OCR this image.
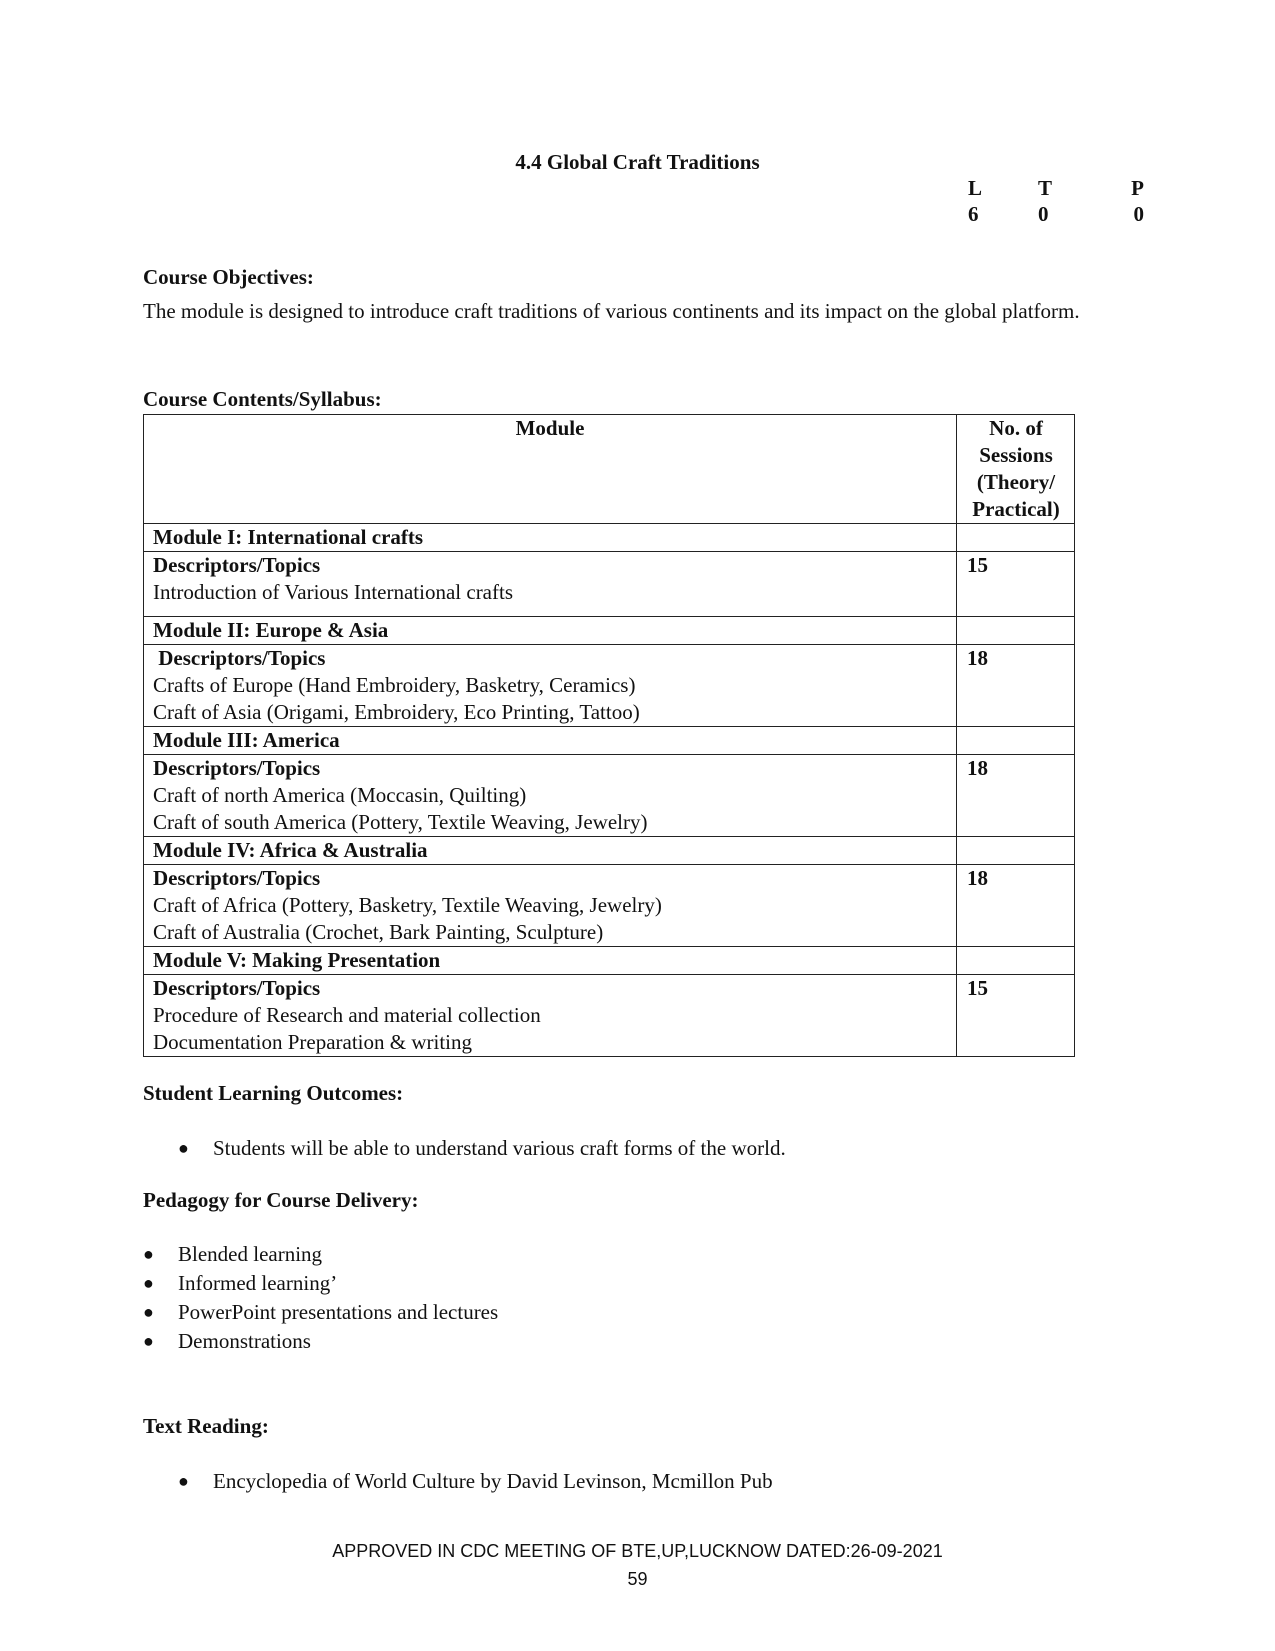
4.4 Global Craft Traditions
L	T	P
6	0	0
Course Objectives:
The module is designed to introduce craft traditions of various continents and its impact on the global platform.
Course Contents/Syllabus:
Module	No. of
Sessions
(Theory/
Practical)

Module I: International crafts	

Descriptors/Topics
Introduction of Various International crafts	15
Module II: Europe & Asia	

Descriptors/Topics
Crafts of Europe (Hand Embroidery, Basketry, Ceramics)
Craft of Asia (Origami, Embroidery, Eco Printing, Tattoo)	18
Module III: America	

Descriptors/Topics
Craft of north America (Moccasin, Quilting)
Craft of south America (Pottery, Textile Weaving, Jewelry)	18
Module IV: Africa & Australia	

Descriptors/Topics
Craft of Africa (Pottery, Basketry, Textile Weaving, Jewelry)
Craft of Australia (Crochet, Bark Painting, Sculpture)	18
Module V: Making Presentation	

Descriptors/Topics
Procedure of Research and material collection
Documentation Preparation & writing	15
Student Learning Outcomes:
● Students will be able to understand various craft forms of the world.
Pedagogy for Course Delivery:
● Blended learning
● Informed learning’
● PowerPoint presentations and lectures
● Demonstrations
Text Reading:
● Encyclopedia of World Culture by David Levinson, Mcmillon Pub
APPROVED IN CDC MEETING OF BTE,UP,LUCKNOW DATED:26-09-2021
59
